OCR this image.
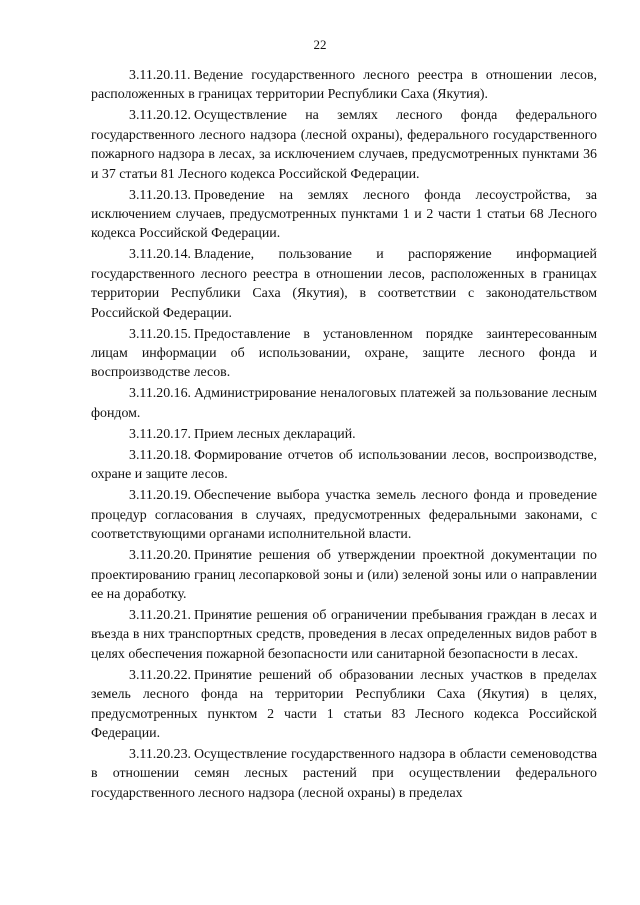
22

3.11.20.11. Ведение государственного лесного реестра в отношении лесов, расположенных в границах территории Республики Саха (Якутия).

3.11.20.12. Осуществление на землях лесного фонда федерального государственного лесного надзора (лесной охраны), федерального государственного пожарного надзора в лесах, за исключением случаев, предусмотренных пунктами 36 и 37 статьи 81 Лесного кодекса Российской Федерации.

3.11.20.13. Проведение на землях лесного фонда лесоустройства, за исключением случаев, предусмотренных пунктами 1 и 2 части 1 статьи 68 Лесного кодекса Российской Федерации.

3.11.20.14. Владение, пользование и распоряжение информацией государственного лесного реестра в отношении лесов, расположенных в границах территории Республики Саха (Якутия), в соответствии с законодательством Российской Федерации.

3.11.20.15. Предоставление в установленном порядке заинтересованным лицам информации об использовании, охране, защите лесного фонда и воспроизводстве лесов.

3.11.20.16. Администрирование неналоговых платежей за пользование лесным фондом.

3.11.20.17. Прием лесных деклараций.

3.11.20.18. Формирование отчетов об использовании лесов, воспроизводстве, охране и защите лесов.

3.11.20.19. Обеспечение выбора участка земель лесного фонда и проведение процедур согласования в случаях, предусмотренных федеральными законами, с соответствующими органами исполнительной власти.

3.11.20.20. Принятие решения об утверждении проектной документации по проектированию границ лесопарковой зоны и (или) зеленой зоны или о направлении ее на доработку.

3.11.20.21. Принятие решения об ограничении пребывания граждан в лесах и въезда в них транспортных средств, проведения в лесах определенных видов работ в целях обеспечения пожарной безопасности или санитарной безопасности в лесах.

3.11.20.22. Принятие решений об образовании лесных участков в пределах земель лесного фонда на территории Республики Саха (Якутия) в целях, предусмотренных пунктом 2 части 1 статьи 83 Лесного кодекса Российской Федерации.

3.11.20.23. Осуществление государственного надзора в области семеноводства в отношении семян лесных растений при осуществлении федерального государственного лесного надзора (лесной охраны) в пределах
